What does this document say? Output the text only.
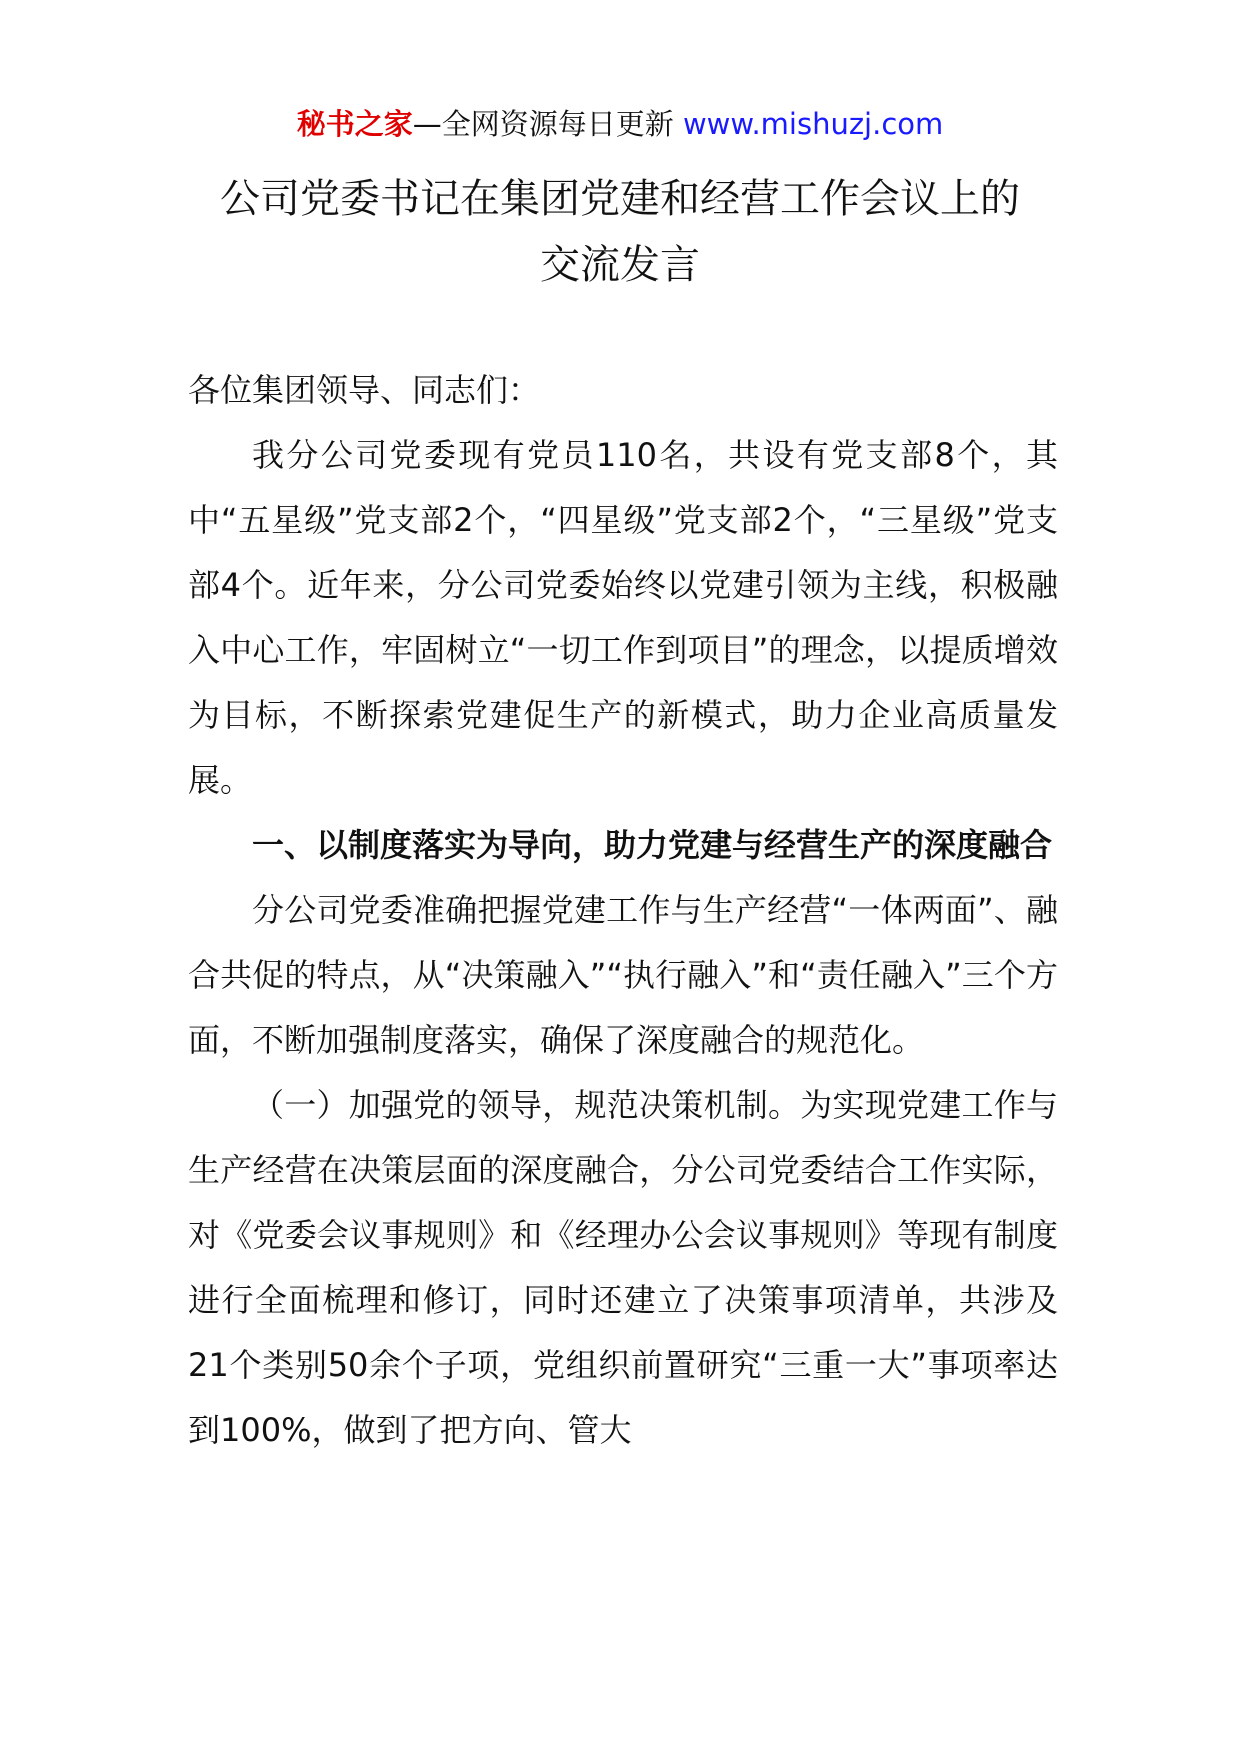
秘书之家—全网资源每日更新 www.mishuzj.com
公司党委书记在集团党建和经营工作会议上的
交流发言

各位集团领导、同志们：

我分公司党委现有党员110名，共设有党支部8个，其中“五星级”党支部2个，“四星级”党支部2个，“三星级”党支部4个。近年来，分公司党委始终以党建引领为主线，积极融入中心工作，牢固树立“一切工作到项目”的理念，以提质增效为目标，不断探索党建促生产的新模式，助力企业高质量发展。

一、以制度落实为导向，助力党建与经营生产的深度融合

分公司党委准确把握党建工作与生产经营“一体两面”、融合共促的特点，从“决策融入”“执行融入”和“责任融入”三个方面，不断加强制度落实，确保了深度融合的规范化。

（一）加强党的领导，规范决策机制。为实现党建工作与生产经营在决策层面的深度融合，分公司党委结合工作实际，对《党委会议事规则》和《经理办公会议事规则》等现有制度进行全面梳理和修订，同时还建立了决策事项清单，共涉及21个类别50余个子项，党组织前置研究“三重一大”事项率达到100%，做到了把方向、管大
